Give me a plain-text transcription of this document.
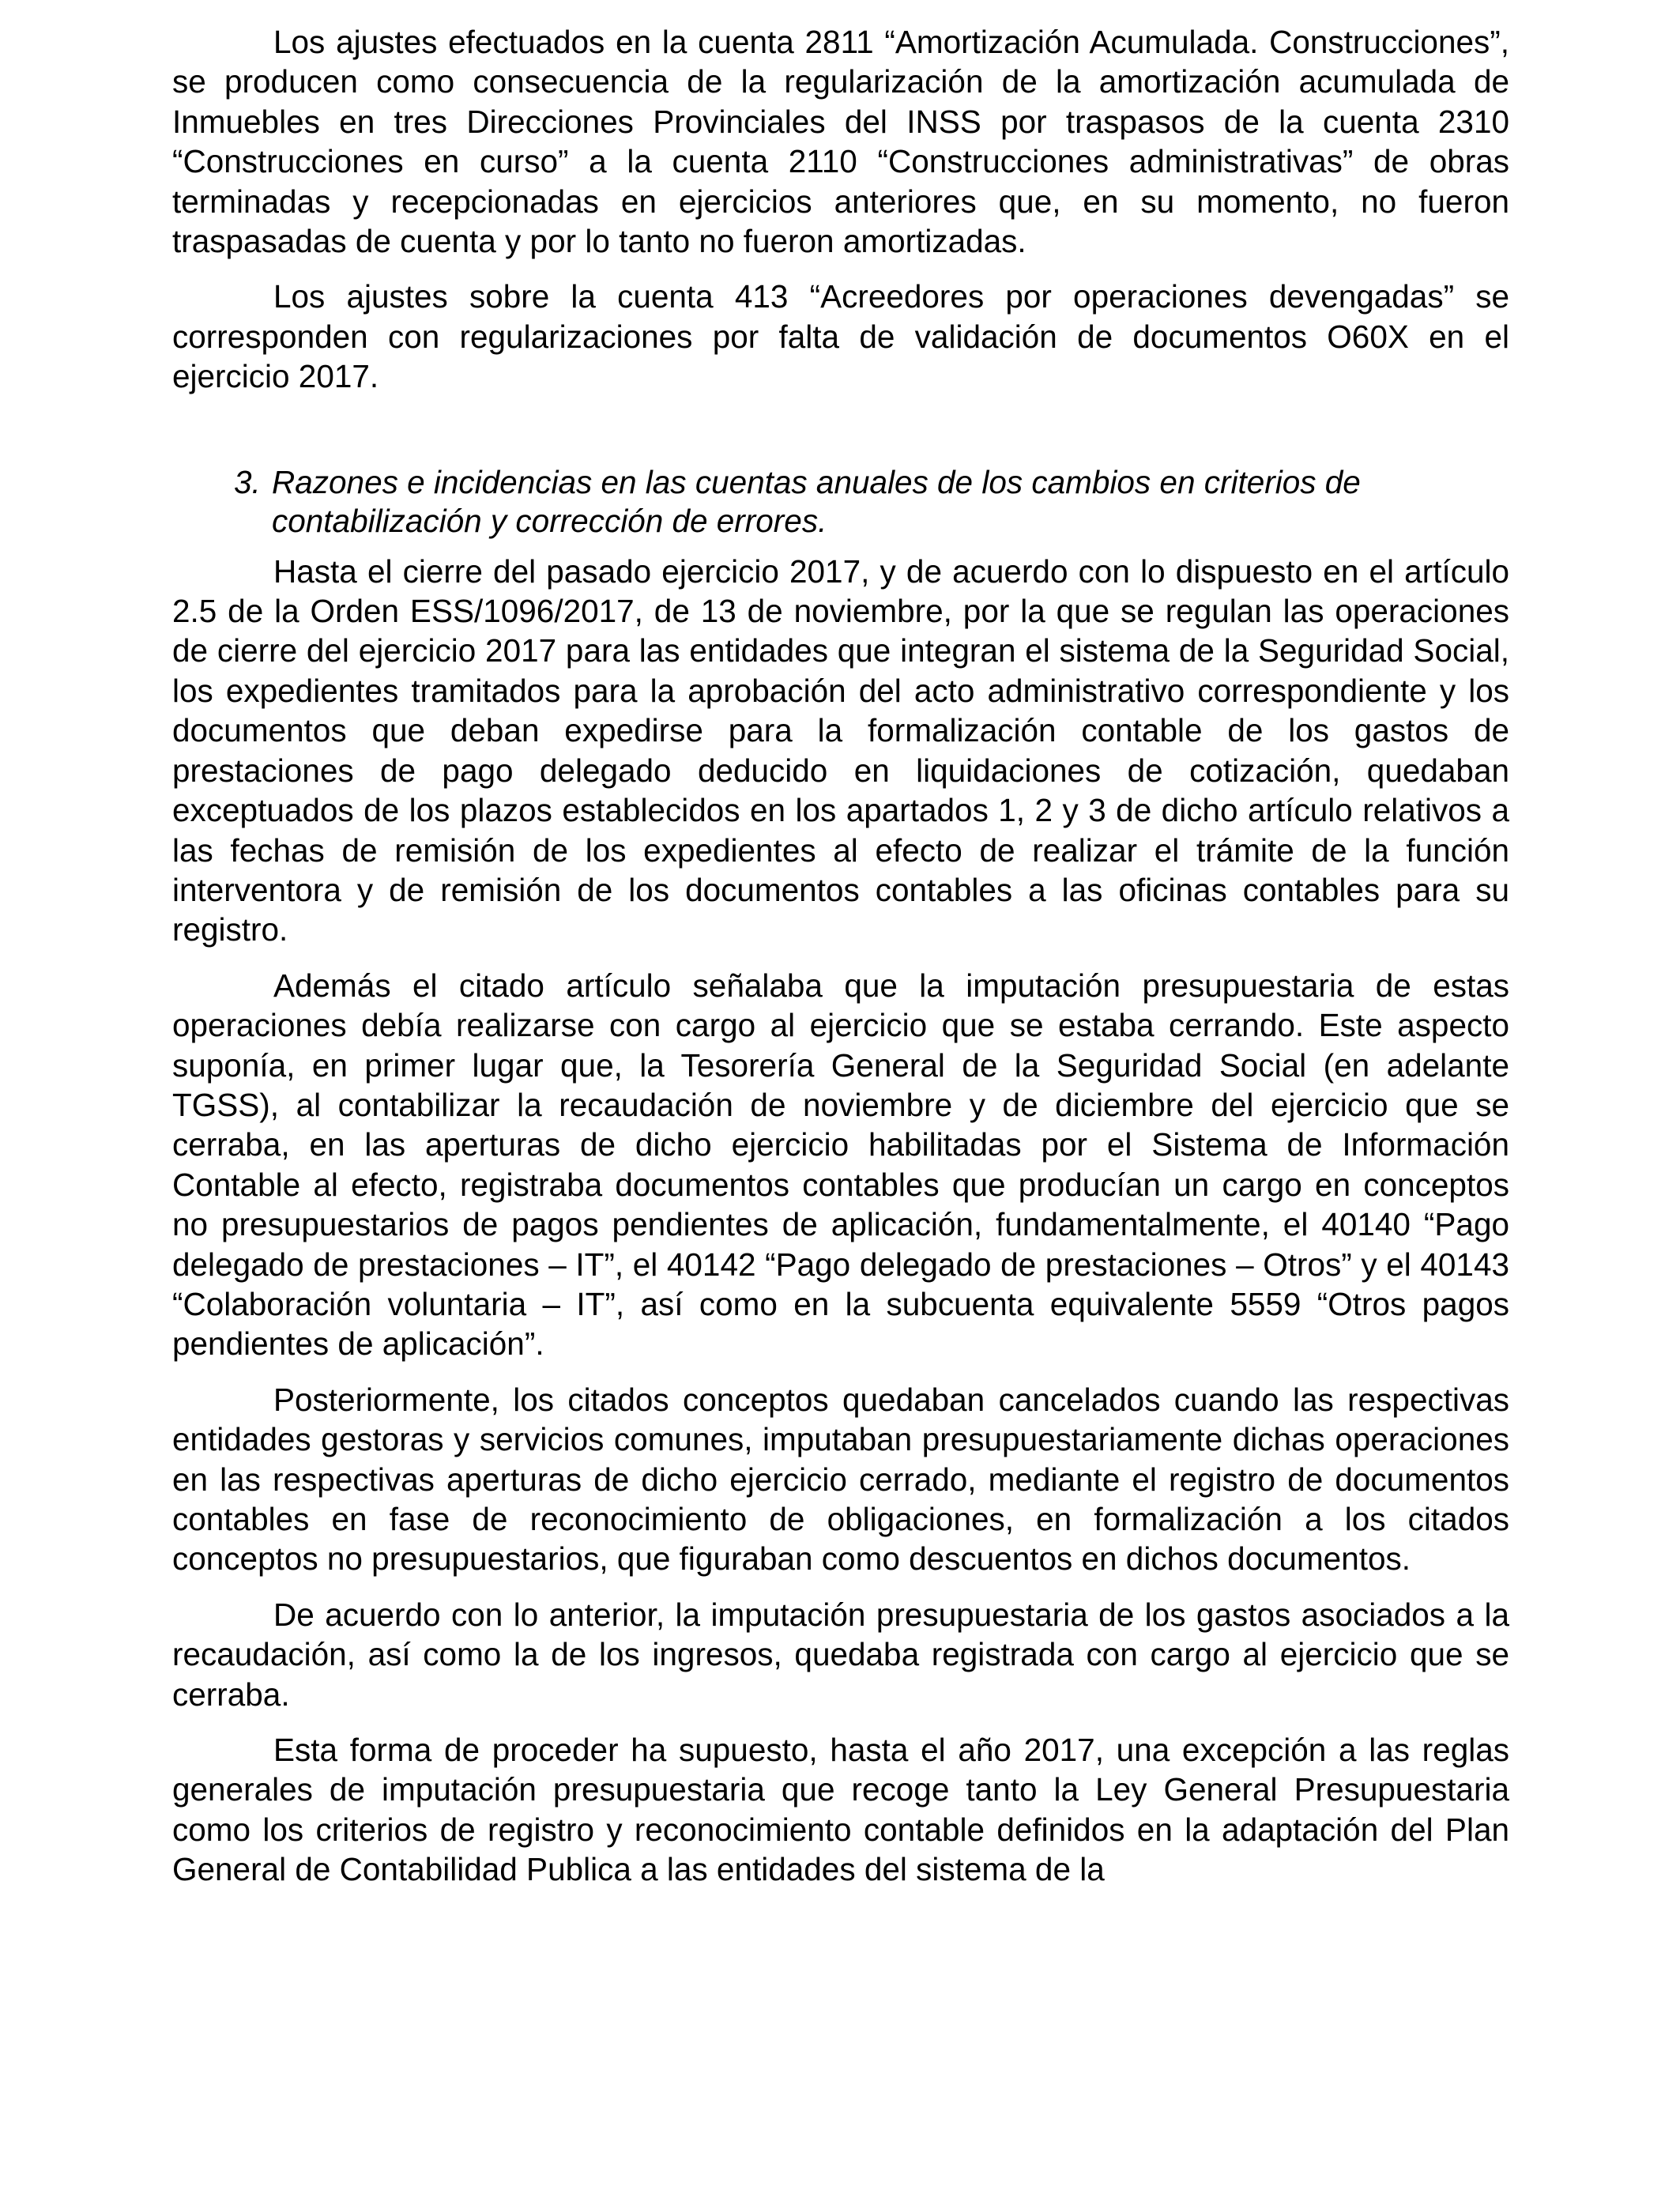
Los ajustes efectuados en la cuenta 2811 “Amortización Acumulada. Construcciones”, se producen como consecuencia de la regularización de la amortización acumulada de Inmuebles en tres Direcciones Provinciales del INSS por traspasos de la cuenta 2310 “Construcciones en curso” a la cuenta 2110 “Construcciones administrativas” de obras terminadas y recepcionadas en ejercicios anteriores que, en su momento, no fueron traspasadas de cuenta y por lo tanto no fueron amortizadas.

Los ajustes sobre la cuenta 413 “Acreedores por operaciones devengadas” se corresponden con regularizaciones por falta de validación de documentos O60X en el ejercicio 2017.

3. Razones e incidencias en las cuentas anuales de los cambios en criterios de contabilización y corrección de errores.

Hasta el cierre del pasado ejercicio 2017, y de acuerdo con lo dispuesto en el artículo 2.5 de la Orden ESS/1096/2017, de 13 de noviembre, por la que se regulan las operaciones de cierre del ejercicio 2017 para las entidades que integran el sistema de la Seguridad Social, los expedientes tramitados para la aprobación del acto administrativo correspondiente y los documentos que deban expedirse para la formalización contable de los gastos de prestaciones de pago delegado deducido en liquidaciones de cotización, quedaban exceptuados de los plazos establecidos en los apartados 1, 2 y 3 de dicho artículo relativos a las fechas de remisión de los expedientes al efecto de realizar el trámite de la función interventora y de remisión de los documentos contables a las oficinas contables para su registro.

Además el citado artículo señalaba que la imputación presupuestaria de estas operaciones debía realizarse con cargo al ejercicio que se estaba cerrando. Este aspecto suponía, en primer lugar que, la Tesorería General de la Seguridad Social (en adelante TGSS), al contabilizar la recaudación de noviembre y de diciembre del ejercicio que se cerraba, en las aperturas de dicho ejercicio habilitadas por el Sistema de Información Contable al efecto, registraba documentos contables que producían un cargo en conceptos no presupuestarios de pagos pendientes de aplicación, fundamentalmente, el 40140 “Pago delegado de prestaciones – IT”, el 40142 “Pago delegado de prestaciones – Otros” y el 40143 “Colaboración voluntaria – IT”, así como en la subcuenta equivalente 5559 “Otros pagos pendientes de aplicación”.

Posteriormente, los citados conceptos quedaban cancelados cuando las respectivas entidades gestoras y servicios comunes, imputaban presupuestariamente dichas operaciones en las respectivas aperturas de dicho ejercicio cerrado, mediante el registro de documentos contables en fase de reconocimiento de obligaciones, en formalización a los citados conceptos no presupuestarios, que figuraban como descuentos en dichos documentos.

De acuerdo con lo anterior, la imputación presupuestaria de los gastos asociados a la recaudación, así como la de los ingresos, quedaba registrada con cargo al ejercicio que se cerraba.

Esta forma de proceder ha supuesto, hasta el año 2017, una excepción a las reglas generales de imputación presupuestaria que recoge tanto la Ley General Presupuestaria como los criterios de registro y reconocimiento contable definidos en la adaptación del Plan General de Contabilidad Publica a las entidades del sistema de la
